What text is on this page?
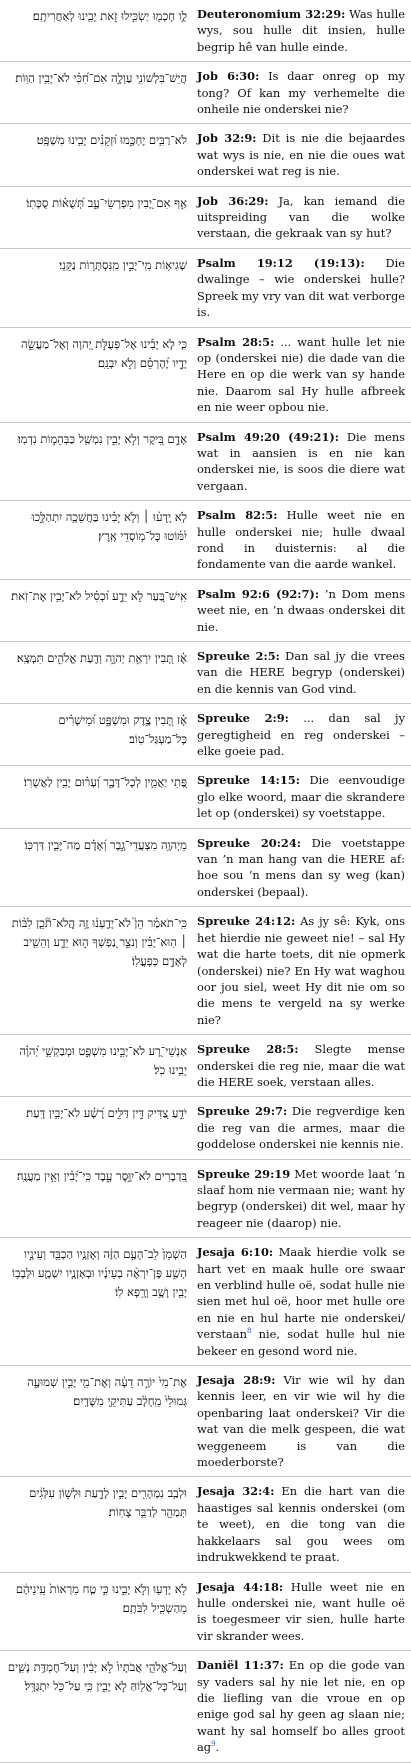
לֻ֥ו חָכְמ֖וּ יַשְׂכִּ֣ילוּ זֹ֑את יָבִ֖ינוּ לְאַחֲרִיתָֽם׃	Deuteronomium 32:29: Was hulle wys, sou hulle dit insien, hulle begrip hê van hulle einde.
הֲיֵשׁ־בִּלְשׁוֹנִ֖י עַוְלָ֑ה אִם־חִ֝כִּ֗י לֹא־יָבִ֥ין הַוּֽוֹת׃	Job 6:30: Is daar onreg op my tong? Of kan my verhemelte die onheile nie onderskei nie?
לֹא־רַבִּ֥ים יֶחְכָּ֑מוּ וּ֝זְקֵנִ֗ים יָבִ֥ינוּ מִשְׁפָּֽט׃	Job 32:9: Dit is nie die bejaardes wat wys is nie, en nie die oues wat onderskei wat reg is nie.
אַ֣ף אִם־יָ֭בִין מִפְרְשֵׂי־עָ֑ב תְּ֝שֻׁא֗וֹת סֻכָּתֽוֹ׃	Job 36:29: Ja, kan iemand die uitspreiding van die wolke verstaan, die gekraak van sy hut?
שְׁגִיא֥וֹת מִֽי־יָבִ֑ין מִֽנִּסְתָּר֥וֹת נַקֵּֽנִי׃	Psalm 19:12 (19:13): Die dwalinge – wie onderskei hulle? Spreek my vry van dit wat verborge is.
כִּ֤י לֹ֤א יָבִ֡ינוּ אֶל־פְּעֻלֹּ֣ת יְ֭הוָה וְאֶל־מַעֲשֵׂ֣ה יָדָ֑יו יֶ֝הֶרְסֵ֗ם וְלֹ֣א יִבְנֵֽם׃	Psalm 28:5: ... want hulle let nie op (onderskei nie) die dade van die Here en op die werk van sy hande nie. Daarom sal Hy hulle afbreek en nie weer opbou nie.
אָדָ֣ם בִּ֭יקָר וְלֹ֣א יָבִ֑ין נִמְשַׁ֖ל כַּבְּהֵמ֣וֹת נִדְמֽוּ׃	Psalm 49:20 (49:21): Die mens wat in aansien is en nie kan onderskei nie, is soos die diere wat vergaan.
לֹ֤א יָֽדְע֨וּ ׀ וְלֹ֥א יָבִ֗ינוּ בַּחֲשֵׁכָ֥ה יִתְהַלָּ֑כוּ יִ֝מּ֗וֹטוּ כָּל־מ֥וֹסְדֵי אָֽרֶץ׃	Psalm 82:5: Hulle weet nie en hulle onderskei nie; hulle dwaal rond in duisternis: al die fondamente van die aarde wankel.
אִֽישׁ־בַּ֭עַר לֹ֣א יֵדָ֑ע וּ֝כְסִ֗יל לֹא־יָבִ֥ין אֶת־זֹֽאת׃	Psalm 92:6 (92:7): ’n Dom mens weet nie, en ’n dwaas onderskei dit nie.
אָ֗ז תָּ֭בִין יִרְאַ֣ת יְהוָ֑ה וְדַ֖עַת אֱלֹהִ֣ים תִּמְצָֽא׃	Spreuke 2:5: Dan sal jy die vrees van die HERE begryp (onderskei) en die kennis van God vind.
אָ֗ז תָּ֭בִין צֶ֣דֶק וּמִשְׁפָּ֑ט וּ֝מֵישָׁרִ֗ים כָּל־מַעְגַּל־טֽוֹב׃	Spreuke 2:9: ... dan sal jy geregtigheid en reg onderskei – elke goeie pad.
פֶּ֭תִי יַאֲמִ֣ין לְכָל־דָּבָ֑ר וְ֝עָר֗וּם יָבִ֥ין לַאֲשֻׁרֽוֹ׃	Spreuke 14:15: Die eenvoudige glo elke woord, maar die skrandere let op (onderskei) sy voetstappe.
מֵיְהוָ֥ה מִצְעֲדֵי־גָ֑בֶר וְ֝אָדָ֗ם מַה־יָּבִ֥ין דַּרְכּֽוֹ׃	Spreuke 20:24: Die voetstappe van ’n man hang van die HERE af: hoe sou ’n mens dan sy weg (kan) onderskei (bepaal).
כִּֽי־תֹאמַ֗ר הֵן֮ לֹא־יָדַ֢עְנ֫וּ זֶ֥ה הֲֽלֹא־תֹ֘כֵ֤ן לִבּ֨וֹת ׀ הֽוּא־יָבִ֗ין וְנֹצֵ֣ר נַ֭פְשְׁךָ ה֣וּא יֵדָ֑ע וְהֵשִׁ֖יב לְאָדָ֣ם כְּפָעֳלֽוֹ׃	Spreuke 24:12: As jy sê: Kyk, ons het hierdie nie geweet nie! – sal Hy wat die harte toets, dit nie opmerk (onderskei) nie? En Hy wat waghou oor jou siel, weet Hy dit nie om so die mens te vergeld na sy werke nie?
אַנְשֵׁי־רָ֭ע לֹא־יָבִ֣ינוּ מִשְׁפָּ֑ט וּמְבַקְשֵׁ֥י יְ֝הוָ֗ה יָבִ֥ינוּ כֹֽל׃	Spreuke 28:5: Slegte mense onderskei die reg nie, maar die wat die HERE soek, verstaan alles.
יֹדֵ֣עַ צַ֭דִּיק דִּ֣ין דַּלִּ֑ים רָ֝שָׁ֗ע לֹא־יָבִ֥ין דָּֽעַת׃	Spreuke 29:7: Die regverdige ken die reg van die armes, maar die goddelose onderskei nie kennis nie.
בִּ֭דְבָרִים לֹא־יִוָּ֣סֶר עָ֑בֶד כִּֽי־יָ֝בִ֗ין וְאֵ֣ין מַעֲנֶֽה׃	Spreuke 29:19 Met woorde laat ’n slaaf hom nie vermaan nie; want hy begryp (onderskei) dit wel, maar hy reageer nie (daarop) nie.
הַשְׁמֵן֙ לֵב־הָעָ֣ם הַזֶּ֔ה וְאָזְנָ֥יו הַכְבֵּ֖ד וְעֵינָ֣יו הָשַׁ֑ע פֶּן־יִרְאֶ֨ה בְעֵינָ֜יו וּבְאָזְנָ֧יו יִשְׁמָ֛ע וּלְבָב֥וֹ יָבִ֖ין וָשָׁ֥ב וְרָ֥פָא לֽוֹ׃	Jesaja 6:10: Maak hierdie volk se hart vet en maak hulle ore swaar en verblind hulle oë, sodat hulle nie sien met hul oë, hoor met hulle ore en nie en hul harte nie onderskei/ verstaan$^8$ nie, sodat hulle hul nie bekeer en gesond word nie.
אֶת־מִי֙ יוֹרֶ֣ה דֵעָ֔ה וְאֶת־מִ֖י יָבִ֣ין שְׁמוּעָ֑ה גְּמוּלֵי֙ מֵֽחָלָ֔ב עַתִּיקֵ֖י מִשָּׁדָֽיִם׃	Jesaja 28:9: Vir wie wil hy dan kennis leer, en vir wie wil hy die openbaring laat onderskei? Vir die wat van die melk gespeen, die wat weggeneem is van die moederborste?
וּלְבַ֥ב נִמְהָרִ֖ים יָבִ֣ין לָדָ֑עַת וּלְשׁ֣וֹן עִלְּגִ֔ים תְּמַהֵ֖ר לְדַבֵּ֥ר צָחֽוֹת׃	Jesaja 32:4: En die hart van die haastiges sal kennis onderskei (om te weet), en die tong van die hakkelaars sal gou wees om indrukwekkend te praat.
לֹ֥א יָדְע֖וּ וְלֹ֣א יָבִ֑ינוּ כִּ֣י טַ֤ח מֵרְאוֹת֙ עֵֽינֵיהֶ֔ם מֵהַשְׂכִּ֖יל לִבֹּתָֽם׃	Jesaja 44:18: Hulle weet nie en hulle onderskei nie, want hulle oë is toegesmeer vir sien, hulle harte vir skrander wees.
וְעַל־אֱלֹהֵ֤י אֲבֹתָיו֙ לֹ֣א יָבִ֔ין וְעַל־חֶמְדַּ֥ת נָשִׁ֛ים וְעַל־כָּל־אֱל֖וֹהַּ לֹ֣א יָבִ֑ין כִּ֥י עַל־כֹּ֖ל יִתְגַּדָּֽל׃	Daniël 11:37: En op die gode van sy vaders sal hy nie let nie, en op die liefling van die vroue en op enige god sal hy geen ag slaan nie; want hy sal homself bo alles groot $ag^9$.
